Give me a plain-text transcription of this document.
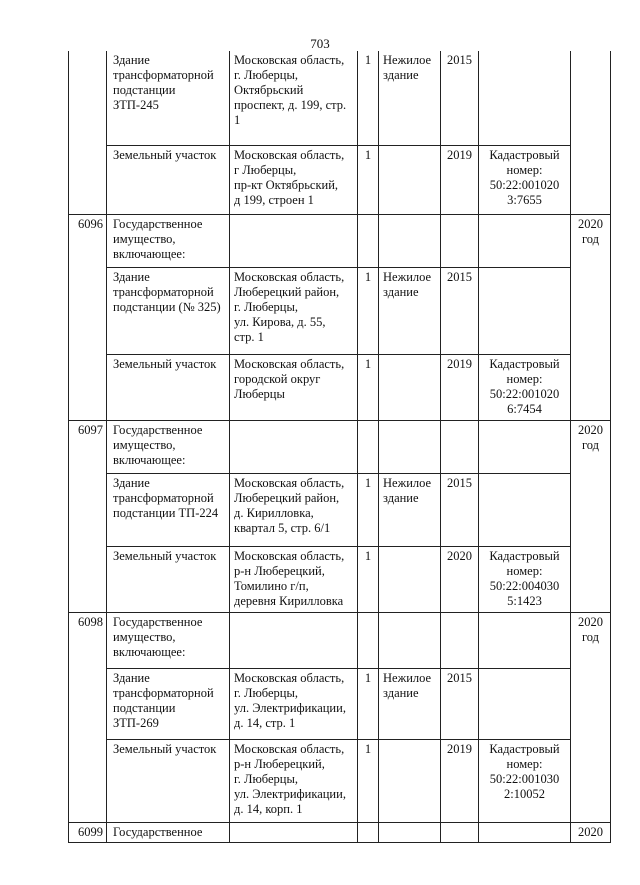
703
	Здание
трансформаторной
подстанции
ЗТП-245	Московская область,
г. Люберцы,
Октябрьский
проспект, д. 199, стр.
1	1	Нежилое
здание	2015		
	Земельный участок	Московская область,
г Люберцы,
пр-кт Октябрьский,
д 199, строен 1	1		2019	Кадастровый
номер:
50:22:001020
3:7655	
6096	Государственное
имущество,
включающее:						2020
год
	Здание
трансформаторной
подстанции (№ 325)	Московская область,
Люберецкий район,
г. Люберцы,
ул. Кирова, д. 55,
стр. 1	1	Нежилое
здание	2015		
	Земельный участок	Московская область,
городской округ
Люберцы	1		2019	Кадастровый
номер:
50:22:001020
6:7454	
6097	Государственное
имущество,
включающее:						2020
год
	Здание
трансформаторной
подстанции ТП-224	Московская область,
Люберецкий район,
д. Кирилловка,
квартал 5, стр. 6/1	1	Нежилое
здание	2015		
	Земельный участок	Московская область,
р-н Люберецкий,
Томилино г/п,
деревня Кирилловка	1		2020	Кадастровый
номер:
50:22:004030
5:1423	
6098	Государственное
имущество,
включающее:						2020
год
	Здание
трансформаторной
подстанции
ЗТП-269	Московская область,
г. Люберцы,
ул. Электрификации,
д. 14, стр. 1	1	Нежилое
здание	2015		
	Земельный участок	Московская область,
р-н Люберецкий,
г. Люберцы,
ул. Электрификации,
д. 14, корп. 1	1		2019	Кадастровый
номер:
50:22:001030
2:10052	
6099	Государственное						2020
